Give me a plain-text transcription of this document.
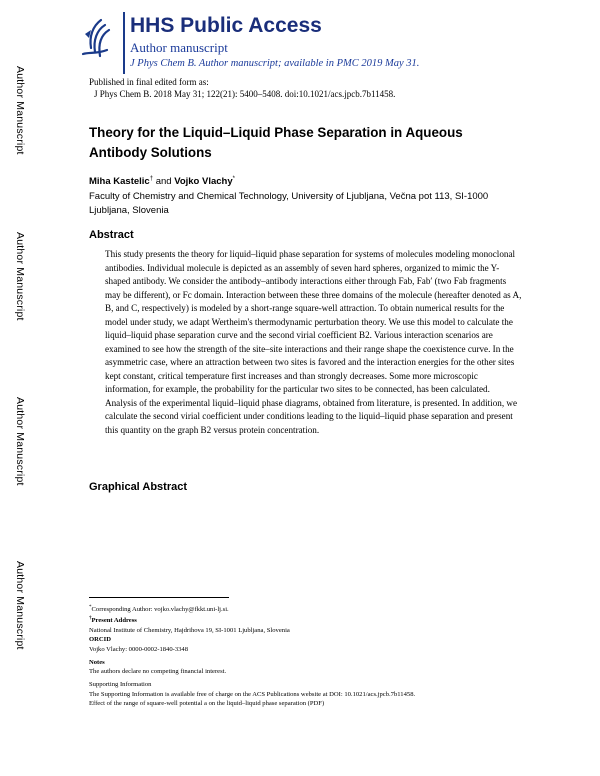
Author Manuscript
Author Manuscript
Author Manuscript
Author Manuscript
HHS Public Access
Author manuscript
J Phys Chem B. Author manuscript; available in PMC 2019 May 31.
Published in final edited form as:
J Phys Chem B. 2018 May 31; 122(21): 5400–5408. doi:10.1021/acs.jpcb.7b11458.
Theory for the Liquid–Liquid Phase Separation in Aqueous Antibody Solutions
Miha Kastelic† and Vojko Vlachy*
Faculty of Chemistry and Chemical Technology, University of Ljubljana, Večna pot 113, SI-1000 Ljubljana, Slovenia
Abstract
This study presents the theory for liquid–liquid phase separation for systems of molecules modeling monoclonal antibodies. Individual molecule is depicted as an assembly of seven hard spheres, organized to mimic the Y-shaped antibody. We consider the antibody–antibody interactions either through Fab, Fab′ (two Fab fragments may be different), or Fc domain. Interaction between these three domains of the molecule (hereafter denoted as A, B, and C, respectively) is modeled by a short-range square-well attraction. To obtain numerical results for the model under study, we adapt Wertheim's thermodynamic perturbation theory. We use this model to calculate the liquid–liquid phase separation curve and the second virial coefficient B2. Various interaction scenarios are examined to see how the strength of the site–site interactions and their range shape the coexistence curve. In the asymmetric case, where an attraction between two sites is favored and the interaction energies for the other sites kept constant, critical temperature first increases and than strongly decreases. Some more microscopic information, for example, the probability for the particular two sites to be connected, has been calculated. Analysis of the experimental liquid–liquid phase diagrams, obtained from literature, is presented. In addition, we calculate the second virial coefficient under conditions leading to the liquid–liquid phase separation and present this quantity on the graph B2 versus protein concentration.
Graphical Abstract
*Corresponding Author: vojko.vlachy@fkkt.uni-lj.si.
†Present Address
National Institute of Chemistry, Hajdrihova 19, SI-1001 Ljubljana, Slovenia
ORCID
Vojko Vlachy: 0000-0002-1840-3348
Notes
The authors declare no competing financial interest.
Supporting Information
The Supporting Information is available free of charge on the ACS Publications website at DOI: 10.1021/acs.jpcb.7b11458.
Effect of the range of square-well potential a on the liquid–liquid phase separation (PDF)
